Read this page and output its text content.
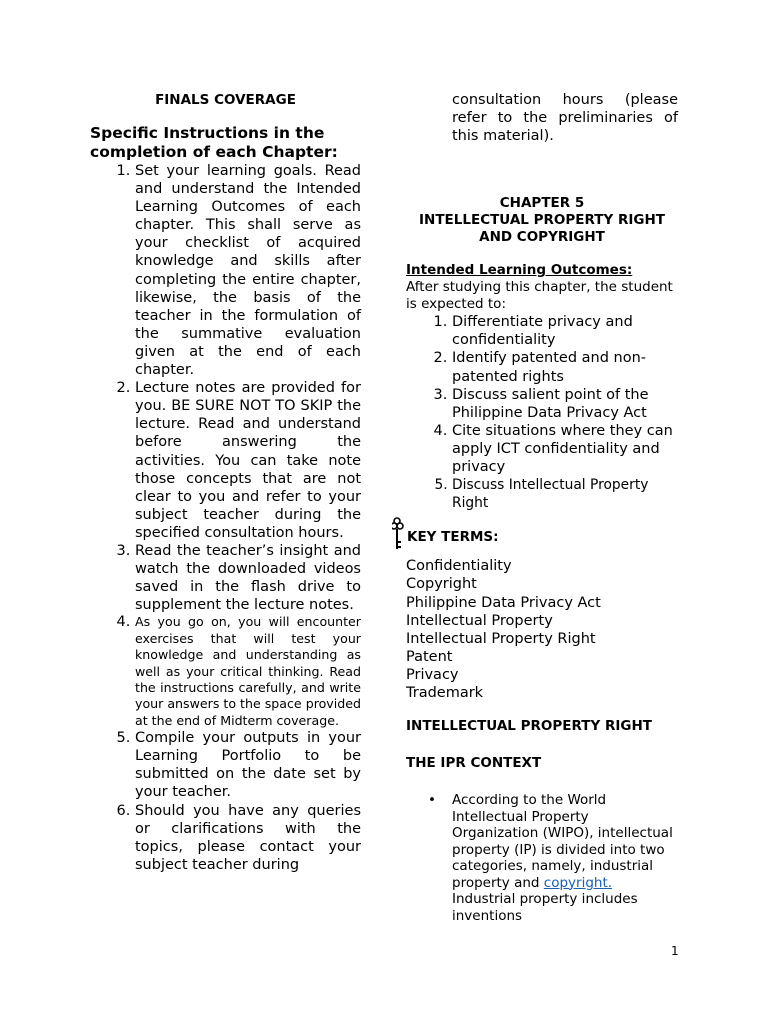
FINALS COVERAGE
Specific Instructions in the completion of each Chapter:
1. Set your learning goals. Read and understand the Intended Learning Outcomes of each chapter. This shall serve as your checklist of acquired knowledge and skills after completing the entire chapter, likewise, the basis of the teacher in the formulation of the summative evaluation given at the end of each chapter.
2. Lecture notes are provided for you. BE SURE NOT TO SKIP the lecture. Read and understand before answering the activities. You can take note those concepts that are not clear to you and refer to your subject teacher during the specified consultation hours.
3. Read the teacher’s insight and watch the downloaded videos saved in the flash drive to supplement the lecture notes.
4. As you go on, you will encounter exercises that will test your knowledge and understanding as well as your critical thinking. Read the instructions carefully, and write your answers to the space provided at the end of Midterm coverage.
5. Compile your outputs in your Learning Portfolio to be submitted on the date set by your teacher.
6. Should you have any queries or clarifications with the topics, please contact your subject teacher during
consultation hours (please refer to the preliminaries of this material).
CHAPTER 5
INTELLECTUAL PROPERTY RIGHT AND COPYRIGHT
Intended Learning Outcomes:
After studying this chapter, the student is expected to:
1. Differentiate privacy and confidentiality
2. Identify patented and non-patented rights
3. Discuss salient point of the Philippine Data Privacy Act
4. Cite situations where they can apply ICT confidentiality and privacy
5. Discuss Intellectual Property Right
KEY TERMS:
Confidentiality
Copyright
Philippine Data Privacy Act
Intellectual Property
Intellectual Property Right
Patent
Privacy
Trademark
INTELLECTUAL PROPERTY RIGHT
THE IPR CONTEXT
• According to the World Intellectual Property Organization (WIPO), intellectual property (IP) is divided into two categories, namely, industrial property and copyright. Industrial property includes inventions
1
